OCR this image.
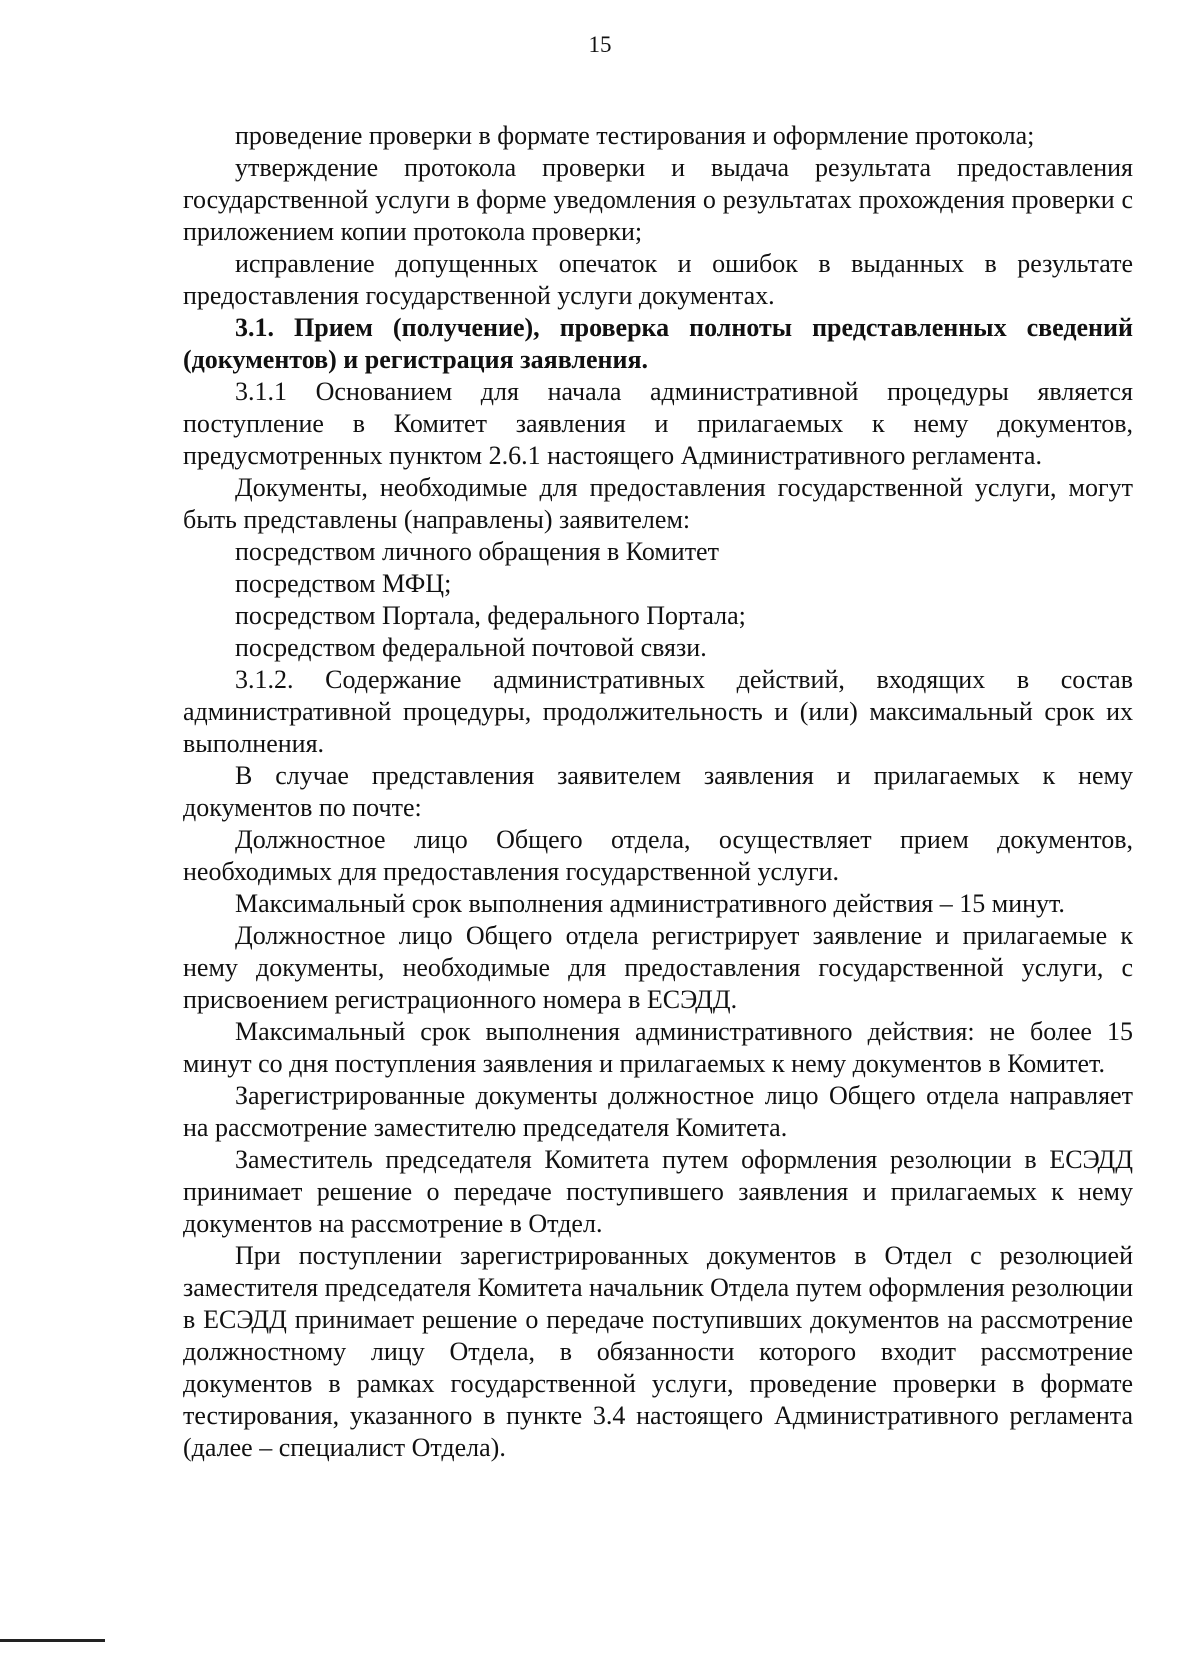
15

проведение проверки в формате тестирования и оформление протокола;

утверждение протокола проверки и выдача результата предоставления государственной услуги в форме уведомления о результатах прохождения проверки с приложением копии протокола проверки;

исправление допущенных опечаток и ошибок в выданных в результате предоставления государственной услуги документах.

3.1. Прием (получение), проверка полноты представленных сведений (документов) и регистрация заявления.

3.1.1 Основанием для начала административной процедуры является поступление в Комитет заявления и прилагаемых к нему документов, предусмотренных пунктом 2.6.1 настоящего Административного регламента.

Документы, необходимые для предоставления государственной услуги, могут быть представлены (направлены) заявителем:

посредством личного обращения в Комитет

посредством МФЦ;

посредством Портала, федерального Портала;

посредством федеральной почтовой связи.

3.1.2. Содержание административных действий, входящих в состав административной процедуры, продолжительность и (или) максимальный срок их выполнения.

В случае представления заявителем заявления и прилагаемых к нему документов по почте:

Должностное лицо Общего отдела, осуществляет прием документов, необходимых для предоставления государственной услуги.

Максимальный срок выполнения административного действия – 15 минут.

Должностное лицо Общего отдела регистрирует заявление и прилагаемые к нему документы, необходимые для предоставления государственной услуги, с присвоением регистрационного номера в ЕСЭДД.

Максимальный срок выполнения административного действия: не более 15 минут со дня поступления заявления и прилагаемых к нему документов в Комитет.

Зарегистрированные документы должностное лицо Общего отдела направляет на рассмотрение заместителю председателя Комитета.

Заместитель председателя Комитета путем оформления резолюции в ЕСЭДД принимает решение о передаче поступившего заявления и прилагаемых к нему документов на рассмотрение в Отдел.

При поступлении зарегистрированных документов в Отдел с резолюцией заместителя председателя Комитета начальник Отдела путем оформления резолюции в ЕСЭДД принимает решение о передаче поступивших документов на рассмотрение должностному лицу Отдела, в обязанности которого входит рассмотрение документов в рамках государственной услуги, проведение проверки в формате тестирования, указанного в пункте 3.4 настоящего Административного регламента (далее – специалист Отдела).
